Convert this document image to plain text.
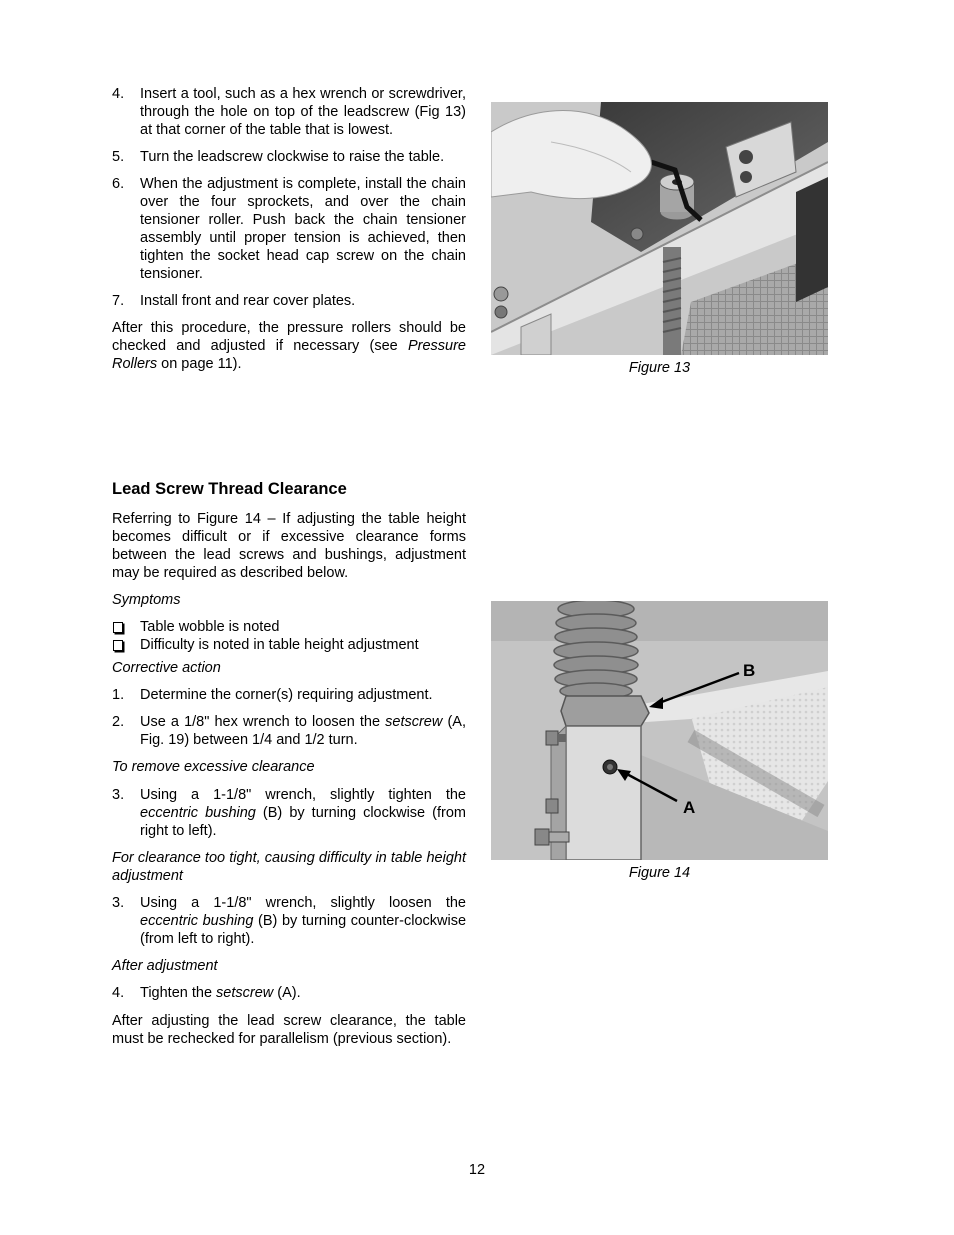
4. Insert a tool, such as a hex wrench or screwdriver, through the hole on top of the leadscrew (Fig 13) at that corner of the table that is lowest.
5. Turn the leadscrew clockwise to raise the table.
6. When the adjustment is complete, install the chain over the four sprockets, and over the chain tensioner roller. Push back the chain tensioner assembly until proper tension is achieved, then tighten the socket head cap screw on the chain tensioner.
7. Install front and rear cover plates.

After this procedure, the pressure rollers should be checked and adjusted if necessary (see Pressure Rollers on page 11).

Lead Screw Thread Clearance

Referring to Figure 14 – If adjusting the table height becomes difficult or if excessive clearance forms between the lead screws and bushings, adjustment may be required as described below.

Symptoms

Table wobble is noted
Difficulty is noted in table height adjustment

Corrective action

1. Determine the corner(s) requiring adjustment.
2. Use a 1/8" hex wrench to loosen the setscrew (A, Fig. 19) between 1/4 and 1/2 turn.

To remove excessive clearance

3. Using a 1-1/8" wrench, slightly tighten the eccentric bushing (B) by turning clockwise (from right to left).

For clearance too tight, causing difficulty in table height adjustment

3. Using a 1-1/8" wrench, slightly loosen the eccentric bushing (B) by turning counter-clockwise (from left to right).

After adjustment

4. Tighten the setscrew (A).

After adjusting the lead screw clearance, the table must be rechecked for parallelism (previous section).

Figure 13
B
A
Figure 14
12
